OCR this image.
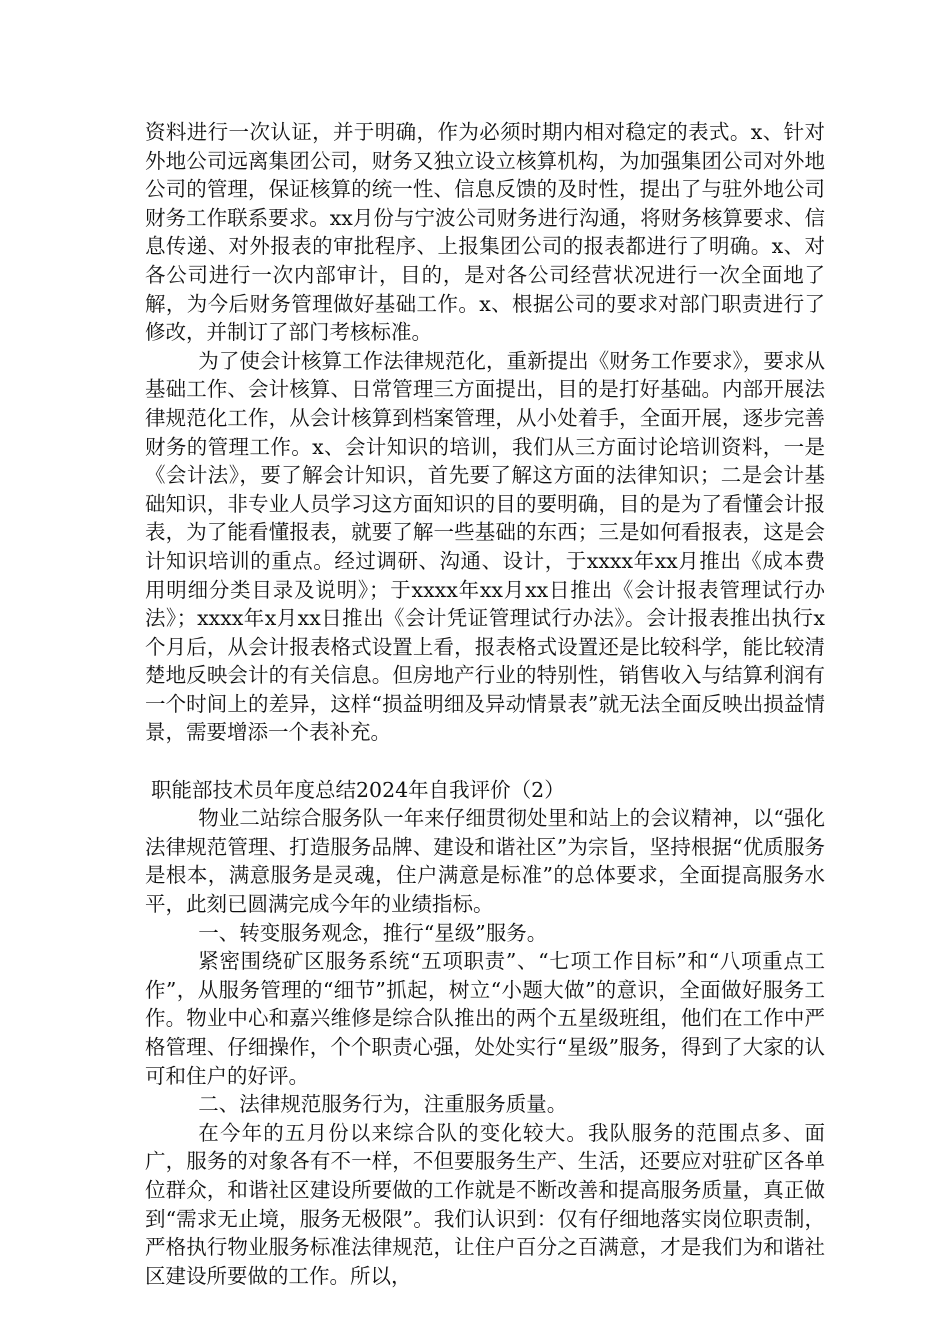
资料进行一次认证，并于明确，作为必须时期内相对稳定的表式。x、针对外地公司远离集团公司，财务又独立设立核算机构，为加强集团公司对外地公司的管理，保证核算的统一性、信息反馈的及时性，提出了与驻外地公司财务工作联系要求。xx月份与宁波公司财务进行沟通，将财务核算要求、信息传递、对外报表的审批程序、上报集团公司的报表都进行了明确。x、对各公司进行一次内部审计，目的，是对各公司经营状况进行一次全面地了解，为今后财务管理做好基础工作。x、根据公司的要求对部门职责进行了修改，并制订了部门考核标准。

为了使会计核算工作法律规范化，重新提出《财务工作要求》，要求从基础工作、会计核算、日常管理三方面提出，目的是打好基础。内部开展法律规范化工作，从会计核算到档案管理，从小处着手，全面开展，逐步完善财务的管理工作。x、会计知识的培训，我们从三方面讨论培训资料，一是《会计法》，要了解会计知识，首先要了解这方面的法律知识；二是会计基础知识，非专业人员学习这方面知识的目的要明确，目的是为了看懂会计报表，为了能看懂报表，就要了解一些基础的东西；三是如何看报表，这是会计知识培训的重点。经过调研、沟通、设计，于xxxx年xx月推出《成本费用明细分类目录及说明》；于xxxx年xx月xx日推出《会计报表管理试行办法》；xxxx年x月xx日推出《会计凭证管理试行办法》。会计报表推出执行x个月后，从会计报表格式设置上看，报表格式设置还是比较科学，能比较清楚地反映会计的有关信息。但房地产行业的特别性，销售收入与结算利润有一个时间上的差异，这样“损益明细及异动情景表”就无法全面反映出损益情景，需要增添一个表补充。

职能部技术员年度总结2024年自我评价（2）

物业二站综合服务队一年来仔细贯彻处里和站上的会议精神，以“强化法律规范管理、打造服务品牌、建设和谐社区”为宗旨，坚持根据“优质服务是根本，满意服务是灵魂，住户满意是标准”的总体要求，全面提高服务水平，此刻已圆满完成今年的业绩指标。

一、转变服务观念，推行“星级”服务。

紧密围绕矿区服务系统“五项职责”、“七项工作目标”和“八项重点工作”，从服务管理的“细节”抓起，树立“小题大做”的意识，全面做好服务工作。物业中心和嘉兴维修是综合队推出的两个五星级班组，他们在工作中严格管理、仔细操作，个个职责心强，处处实行“星级”服务，得到了大家的认可和住户的好评。

二、法律规范服务行为，注重服务质量。

在今年的五月份以来综合队的变化较大。我队服务的范围点多、面广，服务的对象各有不一样，不但要服务生产、生活，还要应对驻矿区各单位群众，和谐社区建设所要做的工作就是不断改善和提高服务质量，真正做到“需求无止境，服务无极限”。我们认识到：仅有仔细地落实岗位职责制，严格执行物业服务标准法律规范，让住户百分之百满意，才是我们为和谐社区建设所要做的工作。所以，
